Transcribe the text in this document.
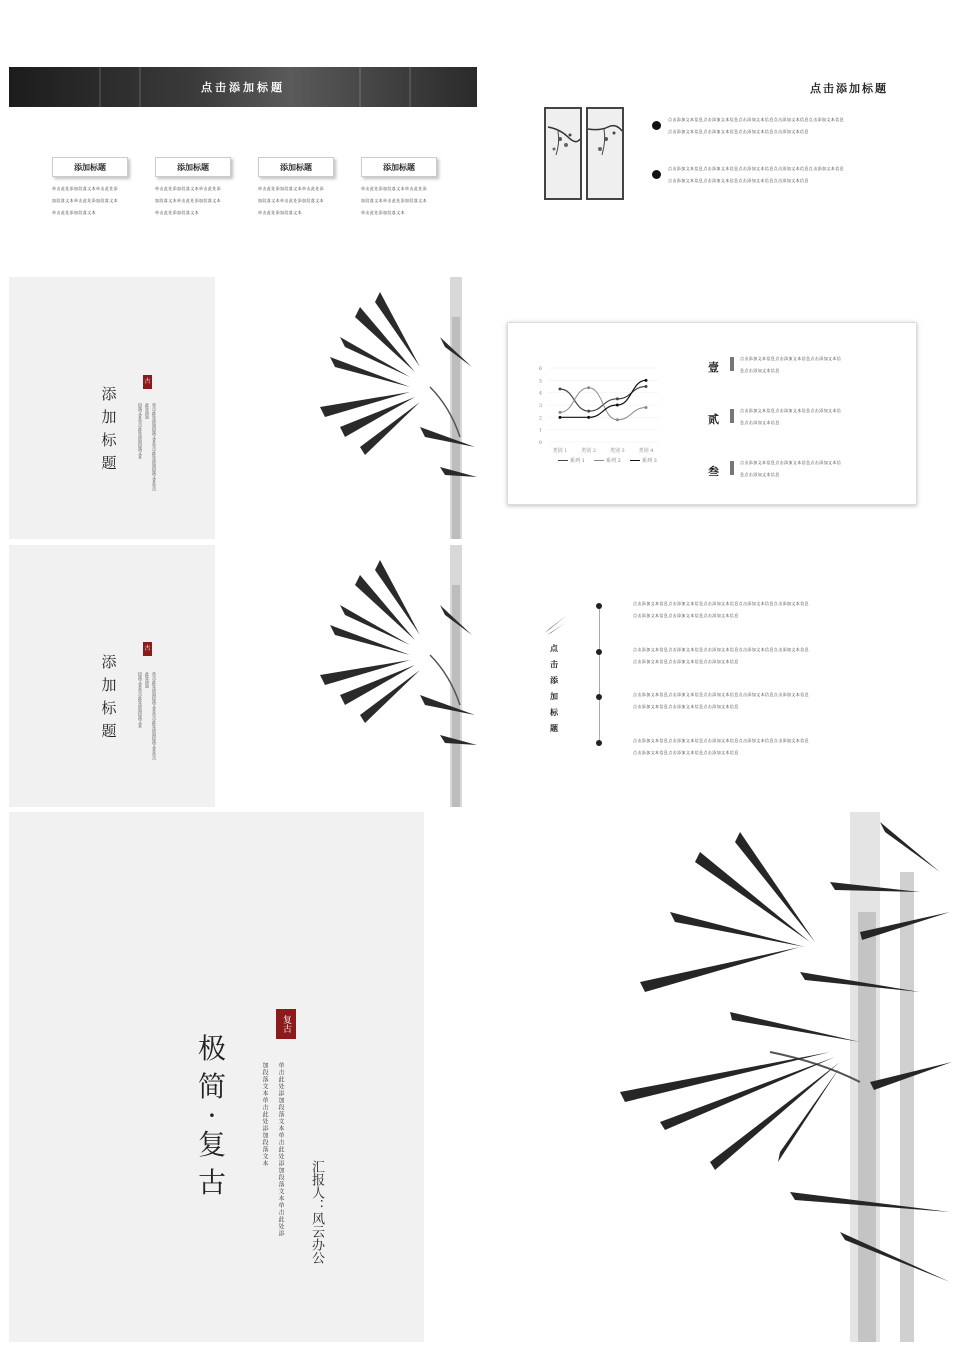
点击添加标题
添加标题	添加标题	添加标题	添加标题
单击此处添加段落文本单击此处添
加段落文本单击此处添加段落文本
单击此处添加段落文本
单击此处添加段落文本单击此处添
加段落文本单击此处添加段落文本
单击此处添加段落文本
单击此处添加段落文本单击此处添
加段落文本单击此处添加段落文本
单击此处添加段落文本
单击此处添加段落文本单击此处添
加段落文本单击此处添加段落文本
单击此处添加段落文本
点击添加标题
点击添加文本信息点击添加文本信息点击添加文本信息点击添加文本信息点击添加文本信息
点击添加文本信息点击添加文本信息点击添加文本信息点击添加文本信息
点击添加文本信息点击添加文本信息点击添加文本信息点击添加文本信息点击添加文本信息
点击添加文本信息点击添加文本信息点击添加文本信息点击添加文本信息
添
加
标
题
古
单击此处添加段落文本单击此处添加段落文本单击此处添加
段落文本单击此处添加段落文本	0
1
2
3
4
5
6
类别 1	类别 2	类别 3	类别 4
系列 1	系列 2	系列 3
壹
点击添加文本信息点击添加文本信息点击添加文本信
息点击添加文本信息
贰
点击添加文本信息点击添加文本信息点击添加文本信
息点击添加文本信息
叁
点击添加文本信息点击添加文本信息点击添加文本信
息点击添加文本信息
添
加
标
题
古
单击此处添加段落文本单击此处添加段落文本单击此处添加
段落文本单击此处添加段落文本
点
击
添
加
标
题
点击添加文本信息点击添加文本信息点击添加文本信息点击添加文本信息点击添加文本信息
点击添加文本信息点击添加文本信息点击添加文本信息
点击添加文本信息点击添加文本信息点击添加文本信息点击添加文本信息点击添加文本信息
点击添加文本信息点击添加文本信息点击添加文本信息
点击添加文本信息点击添加文本信息点击添加文本信息点击添加文本信息点击添加文本信息
点击添加文本信息点击添加文本信息点击添加文本信息
点击添加文本信息点击添加文本信息点击添加文本信息点击添加文本信息点击添加文本信息
点击添加文本信息点击添加文本信息点击添加文本信息
极
简
·
复
古
复古
单击此处添加段落文本单击此处添加段落文本单击此处添
加段落文本单击此处添加段落文本
汇报人：风云办公
